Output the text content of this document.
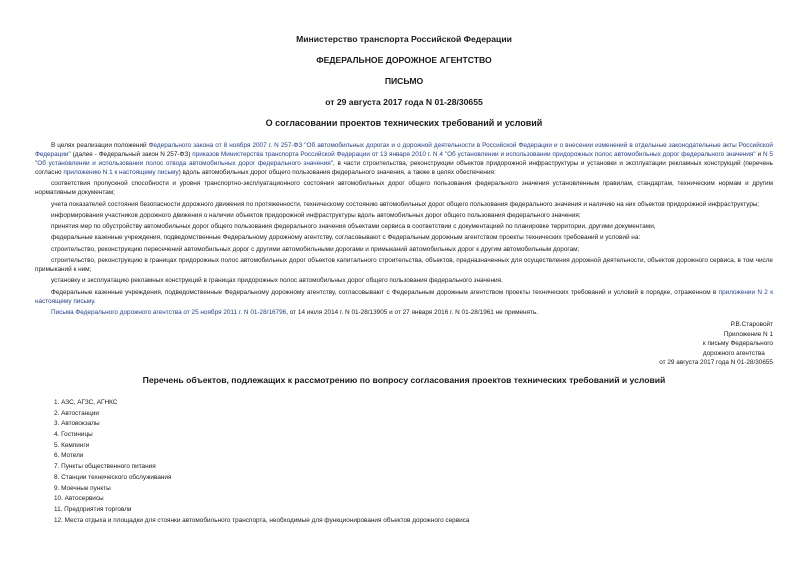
Министерство транспорта Российской Федерации
ФЕДЕРАЛЬНОЕ ДОРОЖНОЕ АГЕНТСТВО
ПИСЬМО
от 29 августа 2017 года N 01-28/30655
О согласовании проектов технических требований и условий

В целях реализации положений Федерального закона от 8 ноября 2007 г. N 257-ФЗ "Об автомобильных дорогах и о дорожной деятельности в Российской Федерации и о внесении изменений в отдельные законодательные акты Российской Федерации" (далее - Федеральный закон N 257-ФЗ) приказов Министерства транспорта Российской Федерации от 13 января 2010 г. N 4 "Об установлении и использовании придорожных полос автомобильных дорог федерального значения" и N 5 "Об установлении и использовании полос отвода автомобильных дорог федерального значения", в части строительства, реконструкции объектов придорожной инфраструктуры и установки и эксплуатации рекламных конструкций (перечень согласно приложению N 1 к настоящему письму) вдоль автомобильных дорог общего пользования федерального значения, а также в целях обеспечения:

соответствия пропускной способности и уровня транспортно-эксплуатационного состояния автомобильных дорог общего пользования федерального значения установленным правилам, стандартам, техническим нормам и другим нормативным документам;

учета показателей состояния безопасности дорожного движения по протяженности, техническому состоянию автомобильных дорог общего пользования федерального значения и наличию на них объектов придорожной инфраструктуры;

информирования участников дорожного движения о наличии объектов придорожной инфраструктуры вдоль автомобильных дорог общего пользования федерального значения;

принятия мер по обустройству автомобильных дорог общего пользования федерального значения объектами сервиса в соответствии с документацией по планировке территории, другими документами,

федеральные казенные учреждения, подведомственные Федеральному дорожному агентству, согласовывают с Федеральным дорожным агентством проекты технических требований и условий на:

строительство, реконструкцию пересечений автомобильных дорог с другими автомобильными дорогами и примыканий автомобильных дорог к другим автомобильным дорогам;

строительство, реконструкцию в границах придорожных полос автомобильных дорог объектов капитального строительства, объектов, предназначенных для осуществления дорожной деятельности, объектов дорожного сервиса, в том числе примыканий к ним;

установку и эксплуатацию рекламных конструкций в границах придорожных полос автомобильных дорог общего пользования федерального значения.

Федеральные казенные учреждения, подведомственные Федеральному дорожному агентству, согласовывают с Федеральным дорожным агентством проекты технических требований и условий в порядке, отраженном в приложении N 2 к настоящему письму.

Письма Федерального дорожного агентства от 25 ноября 2011 г. N 01-28/16796, от 14 июля 2014 г. N 01-28/13905 и от 27 января 2016 г. N 01-28/1961 не применять.

Р.В.Старовойт
Приложение N 1
к письму Федерального
дорожного агентства
от 29 августа 2017 года N 01-28/30655
Перечень объектов, подлежащих к рассмотрению по вопросу согласования проектов технических требований и условий
1. АЗС, АГЗС, АГНКС
2. Автостанции
3. Автовокзалы
4. Гостиницы
5. Кемпинги
6. Мотели
7. Пункты общественного питания
8. Станции технического обслуживания
9. Моечные пункты
10. Автосервисы
11. Предприятия торговли
12. Места отдыха и площадки для стоянки автомобильного транспорта, необходимые для функционирования объектов дорожного сервиса
